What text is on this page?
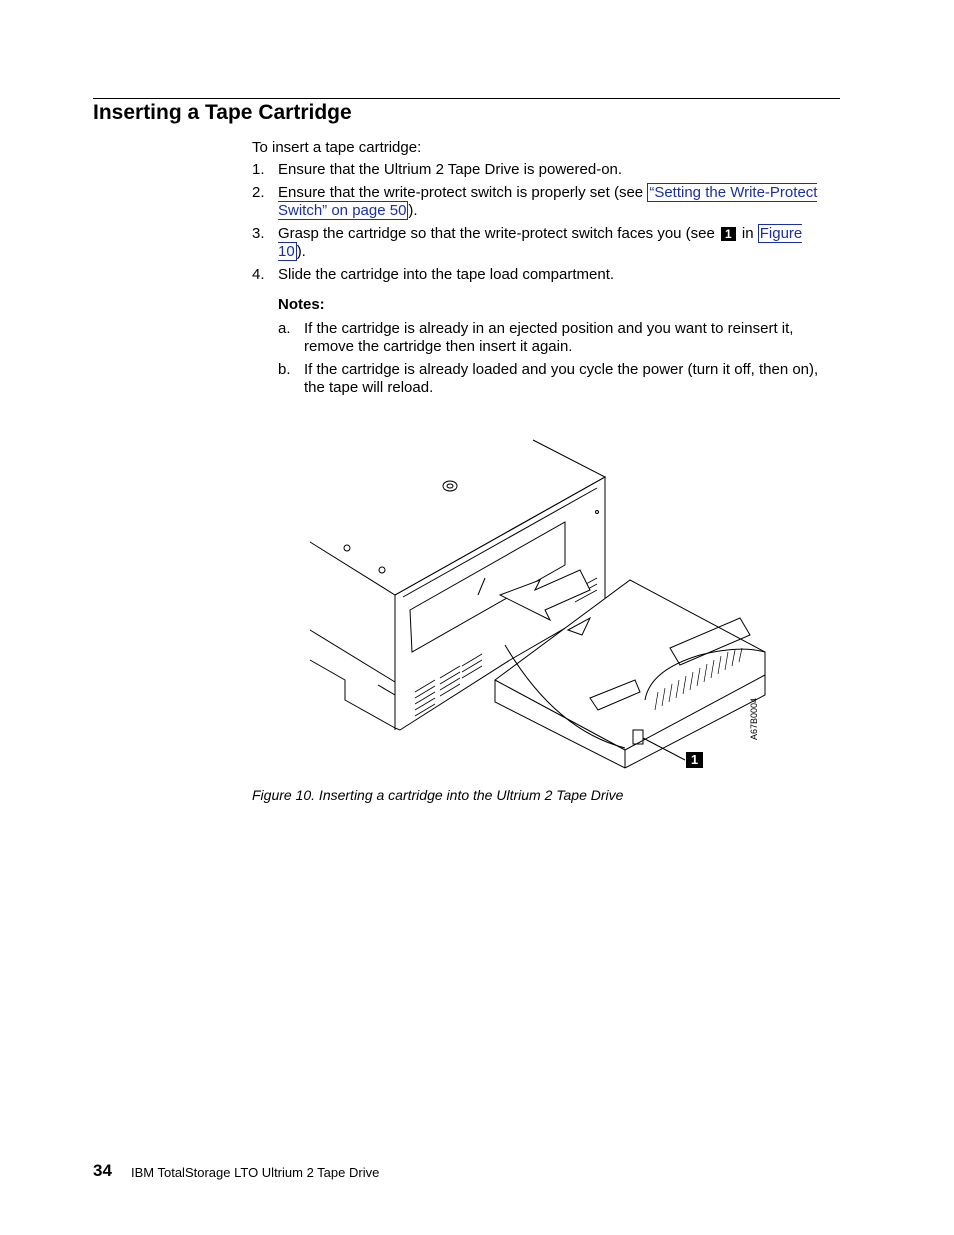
Inserting a Tape Cartridge
To insert a tape cartridge:
1. Ensure that the Ultrium 2 Tape Drive is powered-on.
2. Ensure that the write-protect switch is properly set (see “Setting the Write-Protect Switch” on page 50 ).
3. Grasp the cartridge so that the write-protect switch faces you (see 1 in Figure 10 ).
4. Slide the cartridge into the tape load compartment.
Notes:
a. If the cartridge is already in an ejected position and you want to reinsert it, remove the cartridge then insert it again.
b. If the cartridge is already loaded and you cycle the power (turn it off, then on), the tape will reload.
1
A67B0004
Figure 10. Inserting a cartridge into the Ultrium 2 Tape Drive
34 IBM TotalStorage LTO Ultrium 2 Tape Drive
